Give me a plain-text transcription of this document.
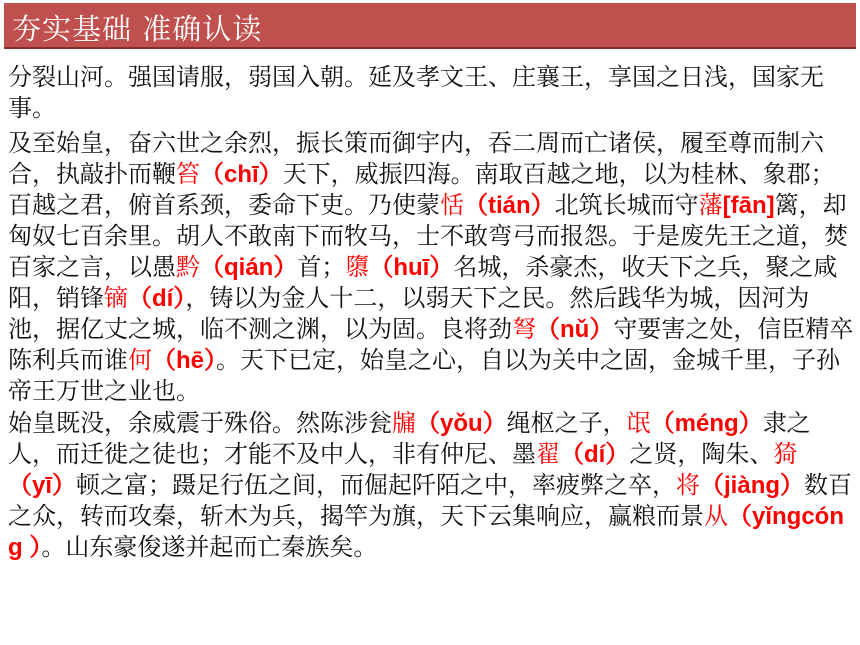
夯实基础 准确认读

分裂山河。强国请服，弱国入朝。延及孝文王、庄襄王，享国之日浅，国家无事。

及至始皇，奋六世之余烈，振长策而御宇内，吞二周而亡诸侯，履至尊而制六合，执敲扑而鞭笞（chī）天下，威振四海。南取百越之地，以为桂林、象郡；百越之君，俯首系颈，委命下吏。乃使蒙恬（tián）北筑长城而守藩[fān]篱，却匈奴七百余里。胡人不敢南下而牧马，士不敢弯弓而报怨。于是废先王之道，焚百家之言，以愚黔（qián）首；隳（huī）名城，杀豪杰，收天下之兵，聚之咸阳，销锋镝（dí），铸以为金人十二，以弱天下之民。然后践华为城，因河为池，据亿丈之城，临不测之渊，以为固。良将劲弩（nǔ）守要害之处，信臣精卒陈利兵而谁何（hē）。天下已定，始皇之心，自以为关中之固，金城千里，子孙帝王万世之业也。

始皇既没，余威震于殊俗。然陈涉瓮牖（yǒu）绳枢之子，氓（méng）隶之人，而迁徙之徒也；才能不及中人，非有仲尼、墨翟（dí）之贤，陶朱、猗（yī）顿之富；蹑足行伍之间，而倔起阡陌之中，率疲弊之卒，将（jiàng）数百之众，转而攻秦，斩木为兵，揭竿为旗，天下云集响应，赢粮而景从（yǐngcóng ）。山东豪俊遂并起而亡秦族矣。
